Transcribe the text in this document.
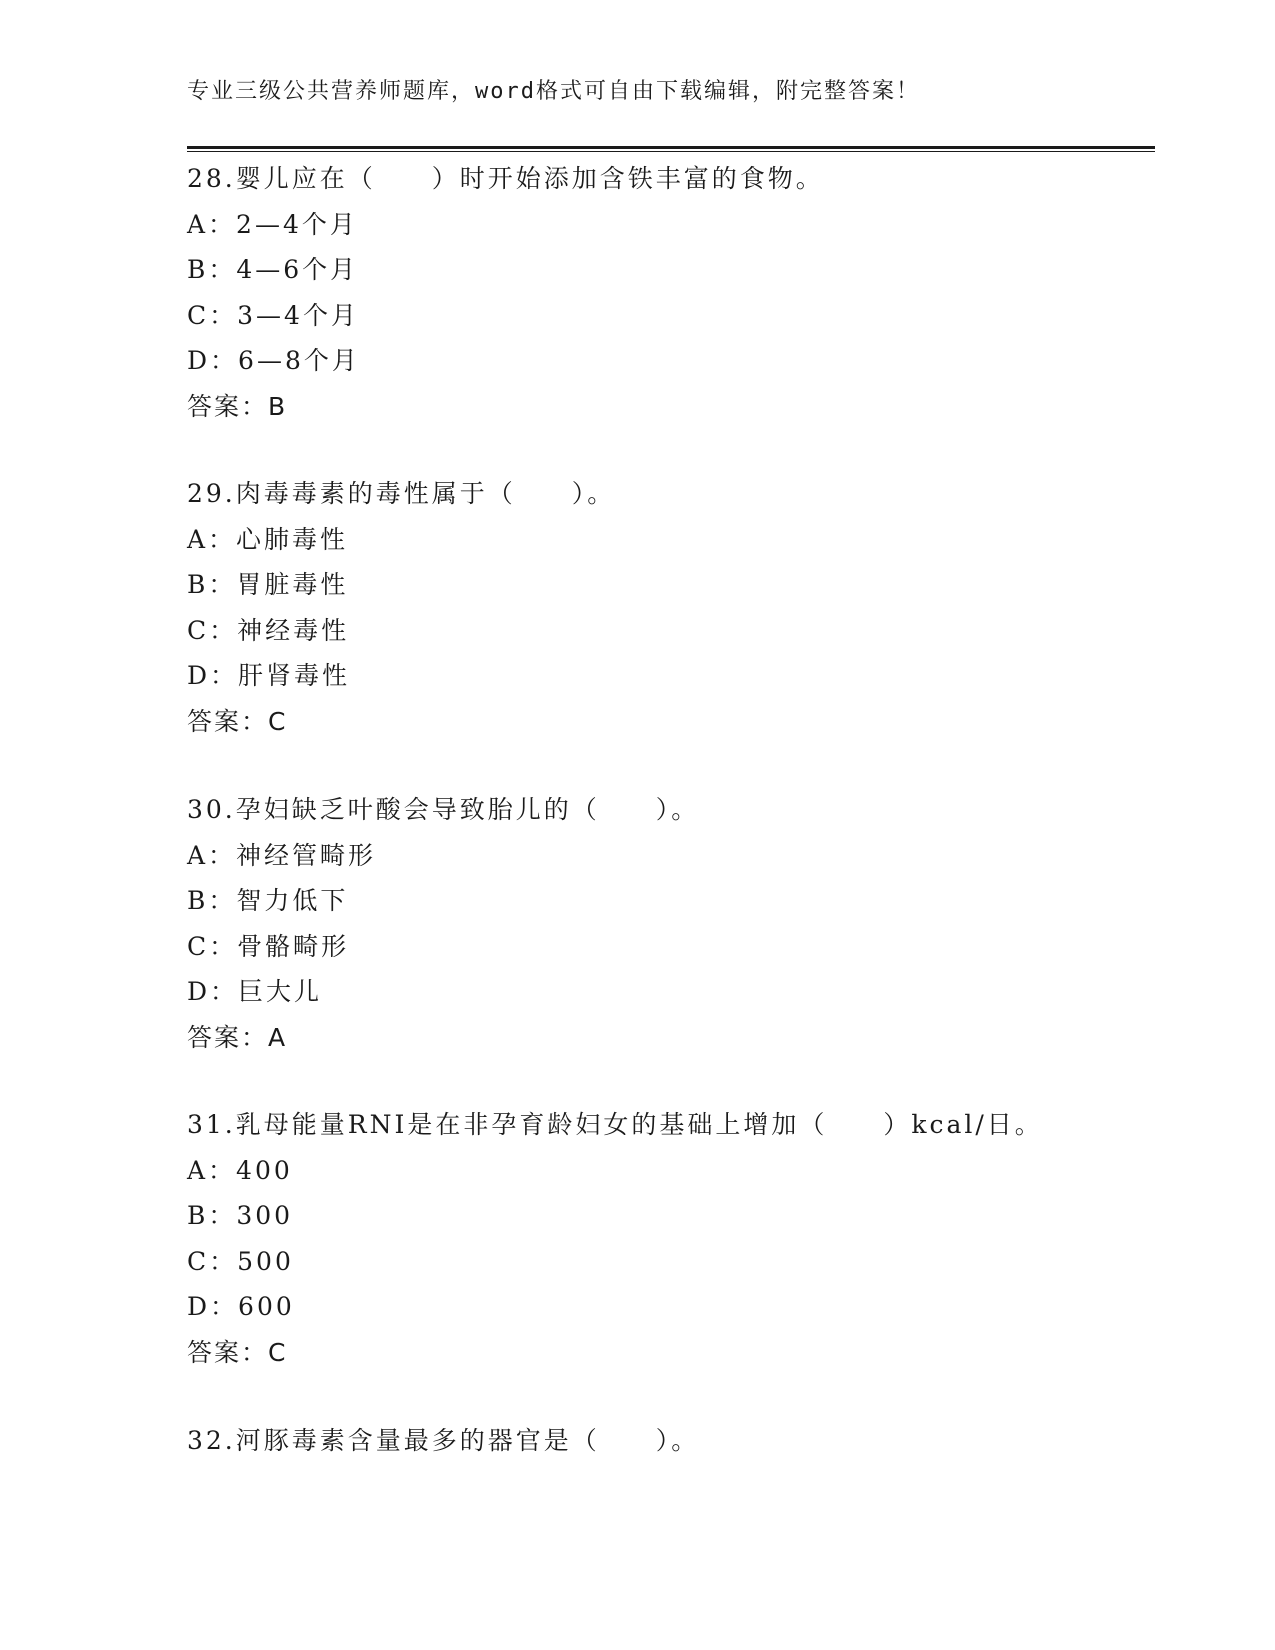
专业三级公共营养师题库，word格式可自由下载编辑，附完整答案！
28.婴儿应在（　　）时开始添加含铁丰富的食物。
A：2—4个月
B：4—6个月
C：3—4个月
D：6—8个月
答案：B
29.肉毒毒素的毒性属于（　　）。
A：心肺毒性
B：胃脏毒性
C：神经毒性
D：肝肾毒性
答案：C
30.孕妇缺乏叶酸会导致胎儿的（　　）。
A：神经管畸形
B：智力低下
C：骨骼畸形
D：巨大儿
答案：A
31.乳母能量RNI是在非孕育龄妇女的基础上增加（　　）kcal/日。
A：400
B：300
C：500
D：600
答案：C
32.河豚毒素含量最多的器官是（　　）。
